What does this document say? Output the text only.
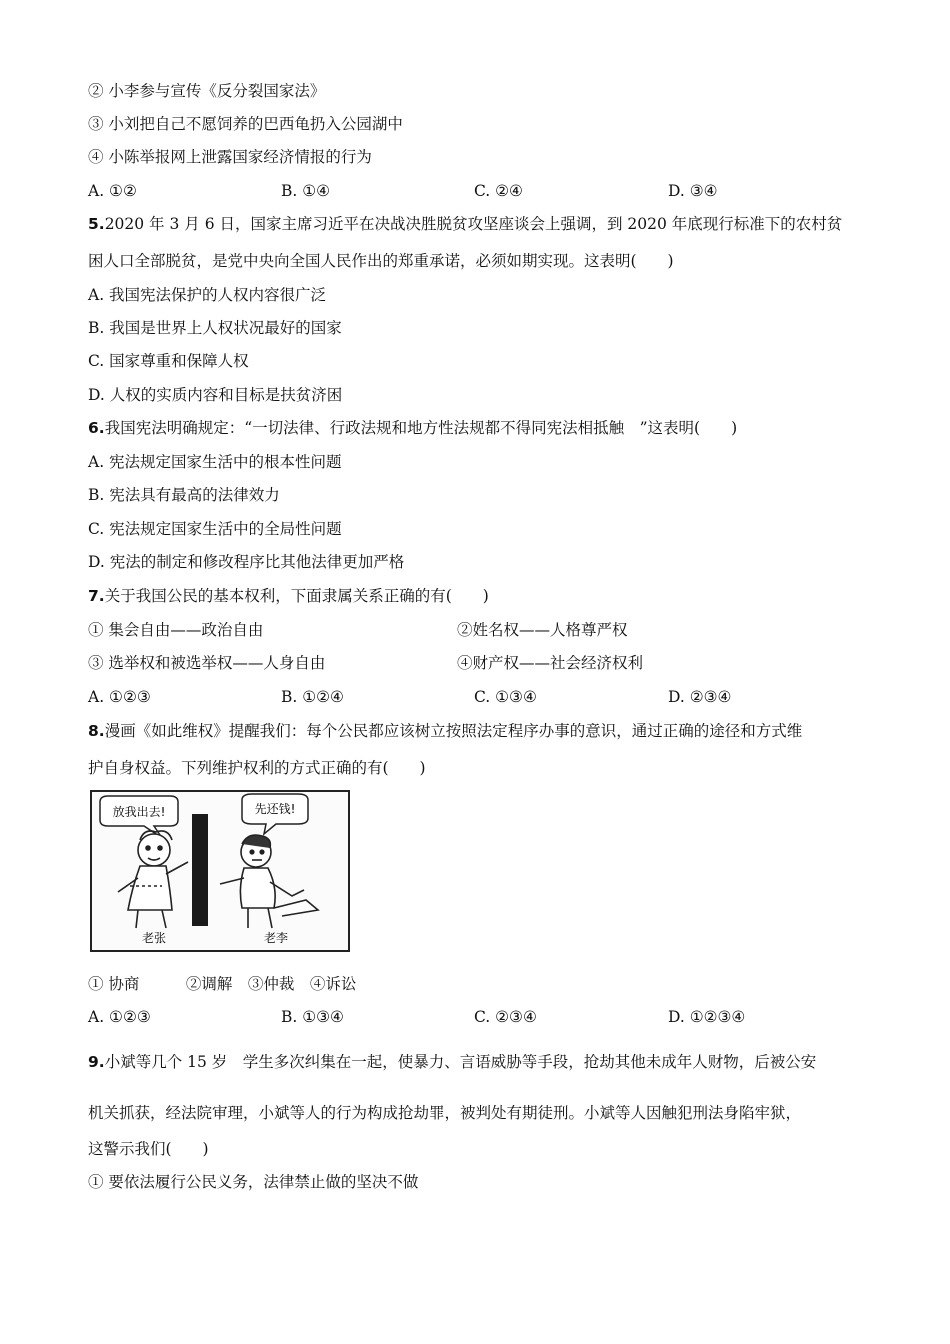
② 小李参与宣传《反分裂国家法》
③ 小刘把自己不愿饲养的巴西龟扔入公园湖中
④ 小陈举报网上泄露国家经济情报的行为
A. ①②	B. ①④	C. ②④	D. ③④
5.2020 年 3 月 6 日，国家主席习近平在决战决胜脱贫攻坚座谈会上强调，到 2020 年底现行标准下的农村贫
困人口全部脱贫，是党中央向全国人民作出的郑重承诺，必须如期实现。这表明(　　)
A. 我国宪法保护的人权内容很广泛
B. 我国是世界上人权状况最好的国家
C. 国家尊重和保障人权
D. 人权的实质内容和目标是扶贫济困
6.我国宪法明确规定：“一切法律、行政法规和地方性法规都不得同宪法相抵触　”这表明(　　)
A. 宪法规定国家生活中的根本性问题
B. 宪法具有最高的法律效力
C. 宪法规定国家生活中的全局性问题
D. 宪法的制定和修改程序比其他法律更加严格
7.关于我国公民的基本权利，下面隶属关系正确的有(　　)
① 集会自由——政治自由	②姓名权——人格尊严权
③ 选举权和被选举权——人身自由	④财产权——社会经济权利
A. ①②③	B. ①②④	C. ①③④	D. ②③④
8.漫画《如此维权》提醒我们：每个公民都应该树立按照法定程序办事的意识，通过正确的途径和方式维
护自身权益。下列维护权利的方式正确的有(　　)
放我出去!	先还钱!
老张	老李
① 协商　　　②调解　③仲裁　④诉讼
A. ①②③	B. ①③④	C. ②③④	D. ①②③④
9.小斌等几个 15 岁　学生多次纠集在一起，使暴力、言语威胁等手段，抢劫其他未成年人财物，后被公安
机关抓获，经法院审理，小斌等人的行为构成抢劫罪，被判处有期徒刑。小斌等人因触犯刑法身陷牢狱，
这警示我们(　　)
① 要依法履行公民义务，法律禁止做的坚决不做
